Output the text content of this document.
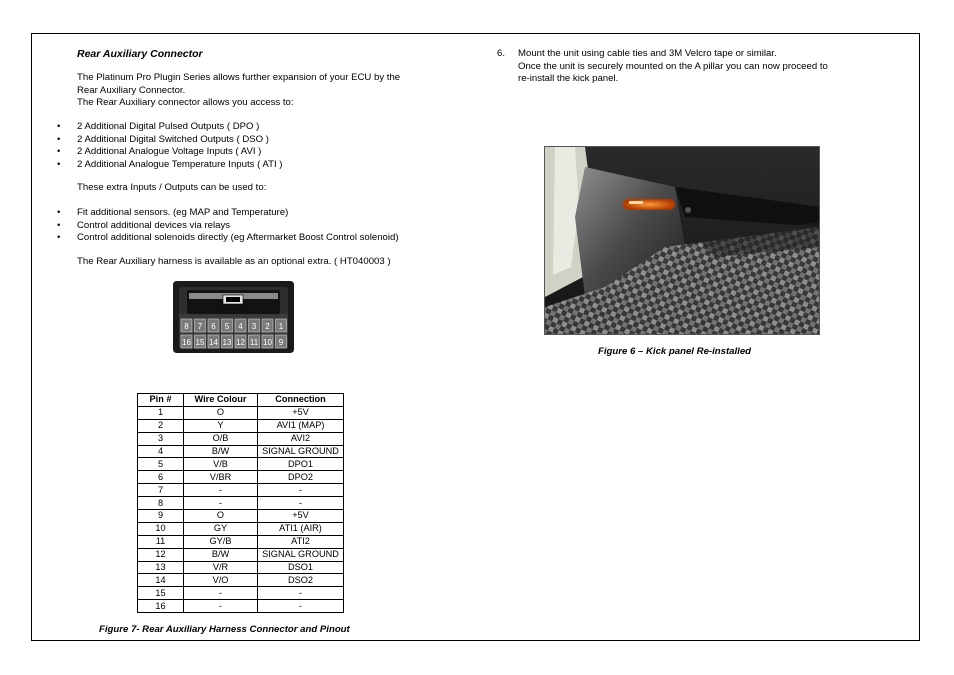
Rear Auxiliary Connector
The Platinum Pro Plugin Series allows further expansion of your ECU by the
Rear Auxiliary Connector.
The Rear Auxiliary connector allows you access to:
• 2 Additional Digital Pulsed Outputs ( DPO )
• 2 Additional Digital Switched Outputs ( DSO )
• 2 Additional Analogue Voltage Inputs ( AVI )
• 2 Additional Analogue Temperature Inputs ( ATI )
These extra Inputs / Outputs can be used to:
• Fit additional sensors. (eg MAP and Temperature)
• Control additional devices via relays
• Control additional solenoids directly (eg Aftermarket Boost Control solenoid)
The Rear Auxiliary harness is available as an optional extra. ( HT040003 )
8 7 6 5 4 3 2 1
16 15 14 13 12 11 10 9
Pin #	Wire Colour	Connection
1	O	+5V
2	Y	AVI1 (MAP)
3	O/B	AVI2
4	B/W	SIGNAL GROUND
5	V/B	DPO1
6	V/BR	DPO2
7	-	-
8	-	-
9	O	+5V
10	GY	ATI1 (AIR)
11	GY/B	ATI2
12	B/W	SIGNAL GROUND
13	V/R	DSO1
14	V/O	DSO2
15	-	-
16	-	-
Figure 7- Rear Auxiliary Harness Connector and Pinout
6. Mount the unit using cable ties and 3M Velcro tape or similar.
Once the unit is securely mounted on the A pillar you can now proceed to
re-install the kick panel.
Figure 6 – Kick panel Re-installed
